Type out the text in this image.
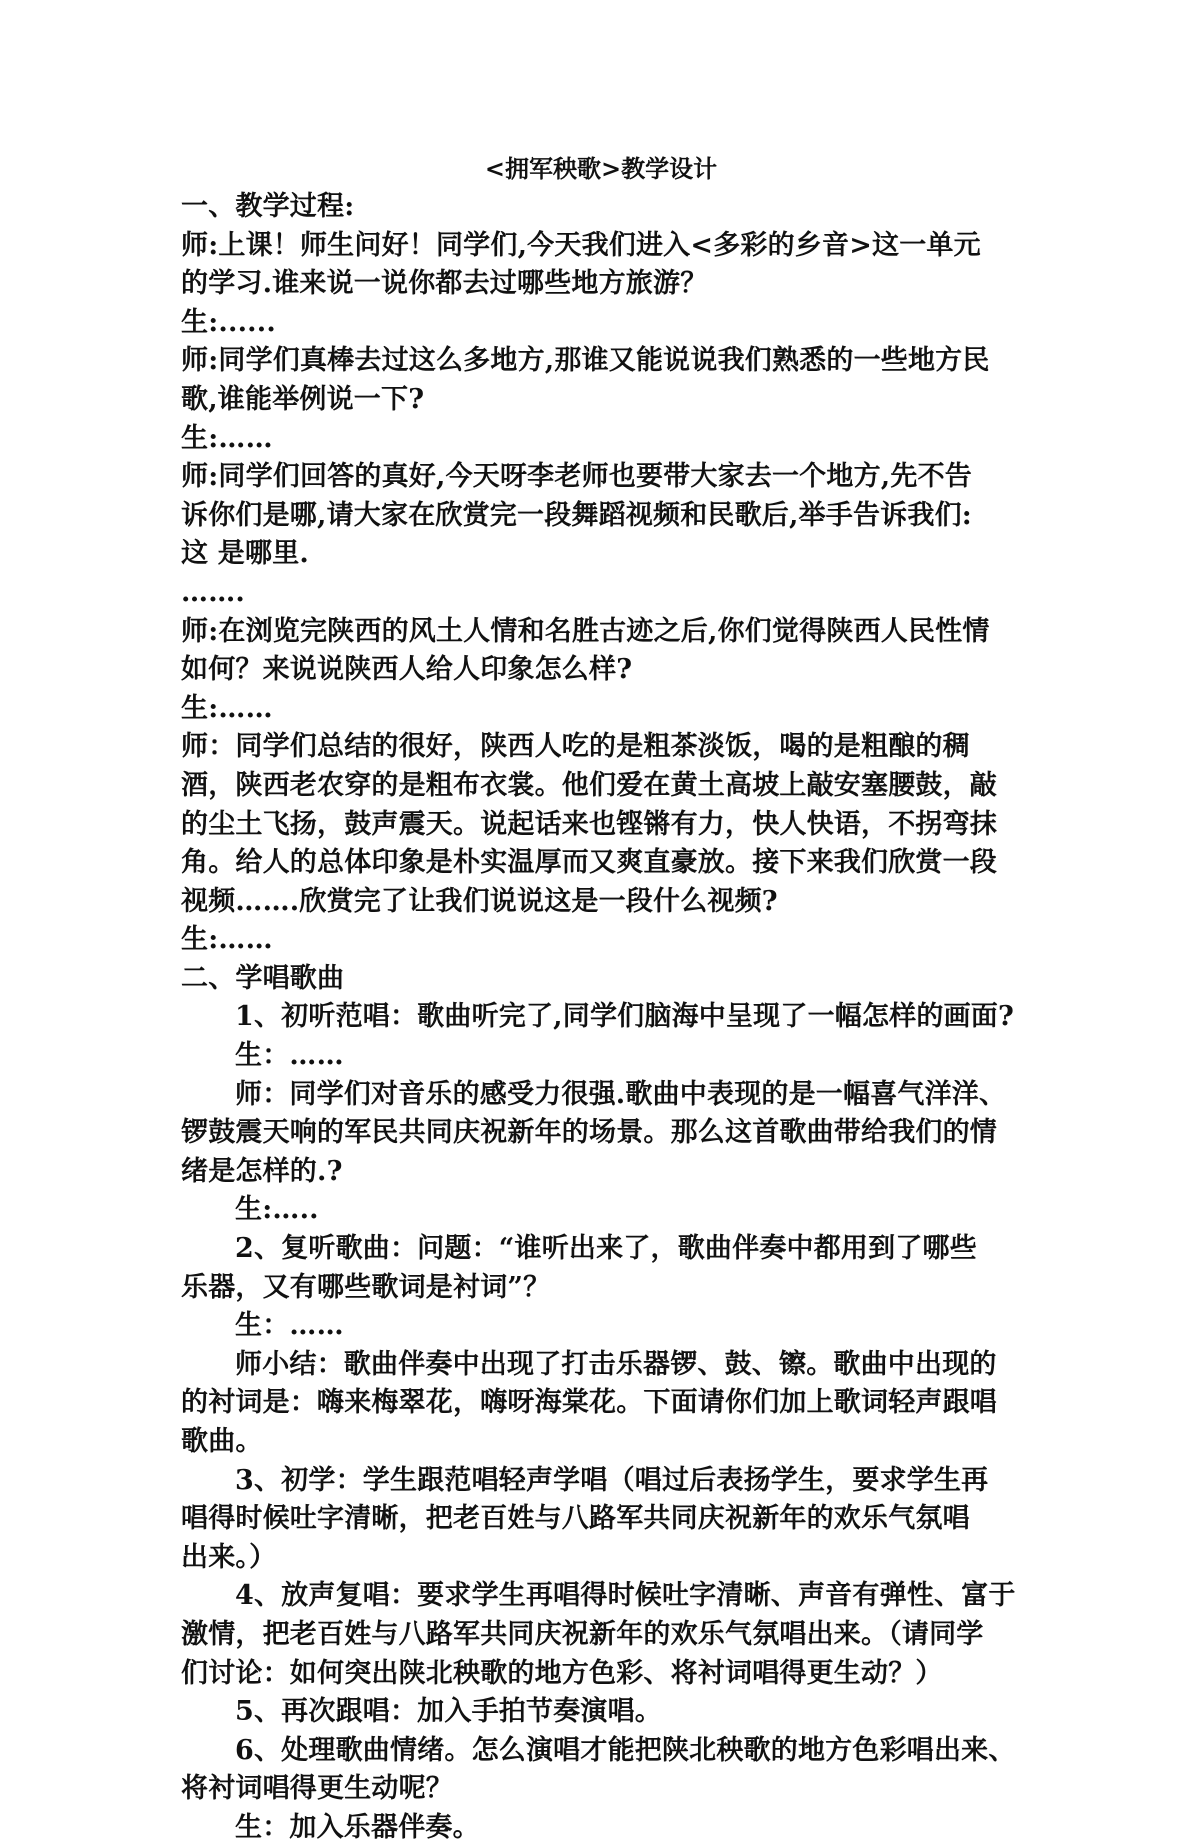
<拥军秧歌>教学设计

一、教学过程:

师:上课！师生问好！同学们,今天我们进入<多彩的乡音>这一单元

的学习.谁来说一说你都去过哪些地方旅游？

生:......

师:同学们真棒去过这么多地方,那谁又能说说我们熟悉的一些地方民

歌,谁能举例说一下?

生:……

师:同学们回答的真好,今天呀李老师也要带大家去一个地方,先不告

诉你们是哪,请大家在欣赏完一段舞蹈视频和民歌后,举手告诉我们:

这 是哪里.

…….

师:在浏览完陕西的风土人情和名胜古迹之后,你们觉得陕西人民性情

如何？来说说陕西人给人印象怎么样?

生:……

师：同学们总结的很好，陕西人吃的是粗茶淡饭，喝的是粗酿的稠

酒，陕西老农穿的是粗布衣裳。他们爱在黄土高坡上敲安塞腰鼓，敲

的尘土飞扬，鼓声震天。说起话来也铿锵有力，快人快语，不拐弯抹

角。给人的总体印象是朴实温厚而又爽直豪放。接下来我们欣赏一段

视频…….欣赏完了让我们说说这是一段什么视频?

生:……

二、学唱歌曲

1、初听范唱：歌曲听完了,同学们脑海中呈现了一幅怎样的画面?

生：……

师：同学们对音乐的感受力很强.歌曲中表现的是一幅喜气洋洋、

锣鼓震天响的军民共同庆祝新年的场景。那么这首歌曲带给我们的情

绪是怎样的.?

生:…..

2、复听歌曲：问题：“谁听出来了，歌曲伴奏中都用到了哪些

乐器，又有哪些歌词是衬词”？

生：……

师小结：歌曲伴奏中出现了打击乐器锣、鼓、镲。歌曲中出现的

的衬词是：嗨来梅翠花，嗨呀海棠花。下面请你们加上歌词轻声跟唱

歌曲。

3、初学：学生跟范唱轻声学唱（唱过后表扬学生，要求学生再

唱得时候吐字清晰，把老百姓与八路军共同庆祝新年的欢乐气氛唱

出来。）

4、放声复唱：要求学生再唱得时候吐字清晰、声音有弹性、富于

激情，把老百姓与八路军共同庆祝新年的欢乐气氛唱出来。（请同学

们讨论：如何突出陕北秧歌的地方色彩、将衬词唱得更生动？）

5、再次跟唱：加入手拍节奏演唱。

6、处理歌曲情绪。怎么演唱才能把陕北秧歌的地方色彩唱出来、

将衬词唱得更生动呢？

生：加入乐器伴奏。
